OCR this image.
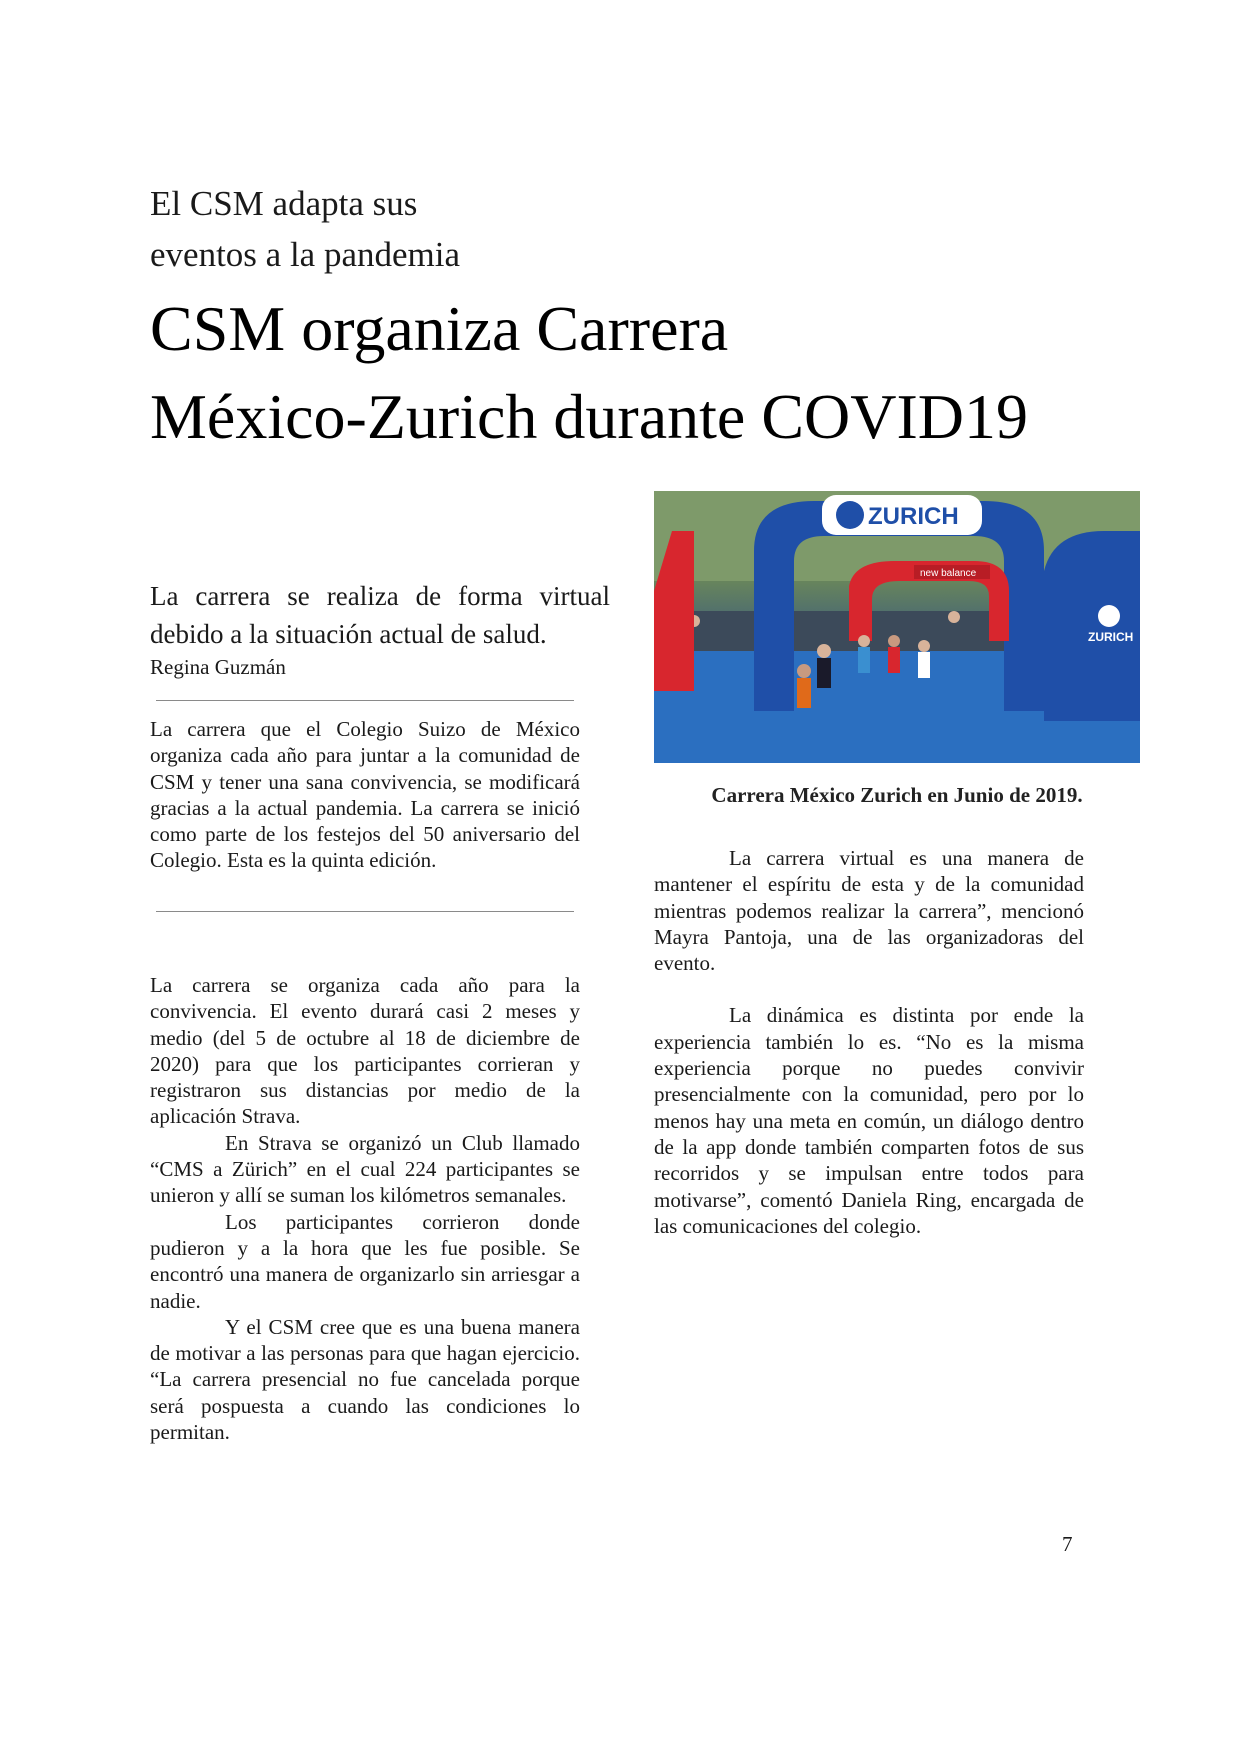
El CSM adapta sus
eventos a la pandemia
CSM organiza Carrera
México-Zurich durante COVID19
La carrera se realiza de forma virtual debido a la situación actual de salud.
Regina Guzmán

La carrera que el Colegio Suizo de México organiza cada año para juntar a la comunidad de CSM y tener una sana convivencia, se modificará gracias a la actual pandemia. La carrera se inició como parte de los festejos del 50 aniversario del Colegio. Esta es la quinta edición.

La carrera se organiza cada año para la convivencia. El evento durará casi 2 meses y medio (del 5 de octubre al 18 de diciembre de 2020) para que los participantes corrieran y registraron sus distancias por medio de la aplicación Strava.

En Strava se organizó un Club llamado “CMS a Zürich” en el cual 224 participantes se unieron y allí se suman los kilómetros semanales.

Los participantes corrieron donde pudieron y a la hora que les fue posible. Se encontró una manera de organizarlo sin arriesgar a nadie.

Y el CSM cree que es una buena manera de motivar a las personas para que hagan ejercicio. “La carrera presencial no fue cancelada porque será pospuesta a cuando las condiciones lo permitan.

ZURICH
ZURICH
new balance
Carrera México Zurich en Junio de 2019.

La carrera virtual es una manera de mantener el espíritu de esta y de la comunidad mientras podemos realizar la carrera”, mencionó Mayra Pantoja, una de las organizadoras del evento.

La dinámica es distinta por ende la experiencia también lo es. “No es la misma experiencia porque no puedes convivir presencialmente con la comunidad, pero por lo menos hay una meta en común, un diálogo dentro de la app donde también comparten fotos de sus recorridos y se impulsan entre todos para motivarse”, comentó Daniela Ring, encargada de las comunicaciones del colegio.

7
